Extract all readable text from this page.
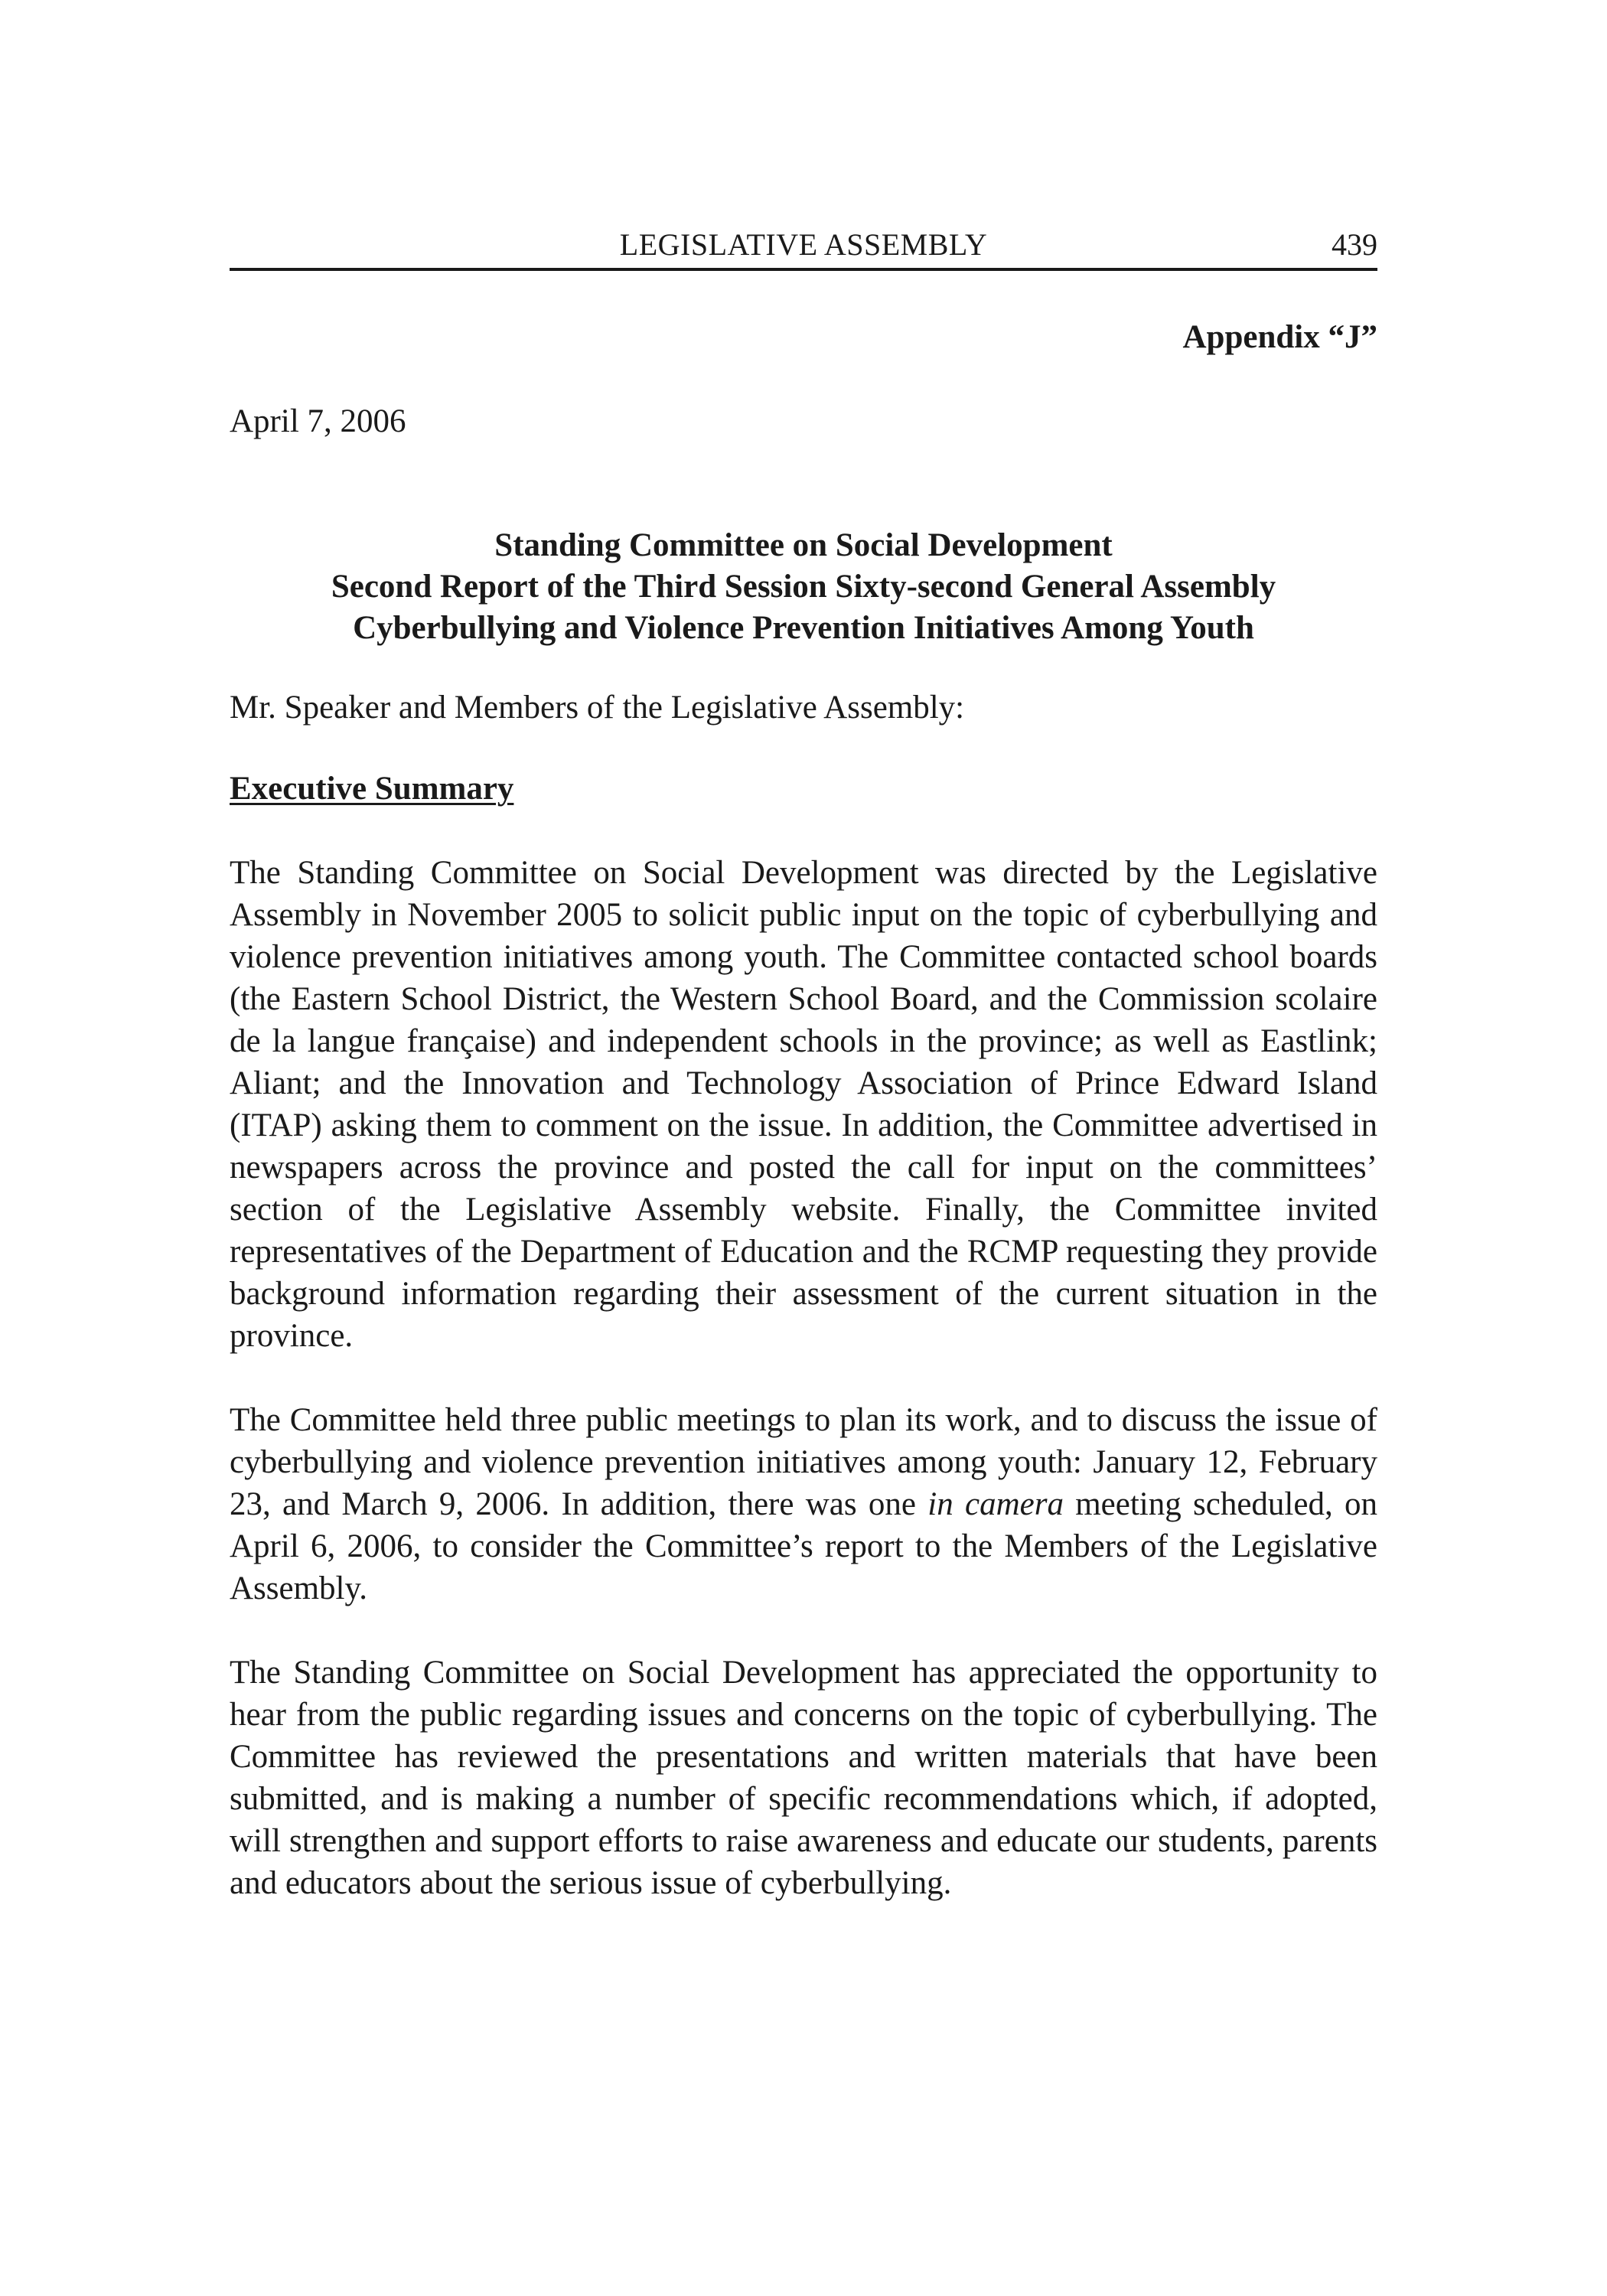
LEGISLATIVE ASSEMBLY	439
Appendix “J”
April 7, 2006
Standing Committee on Social Development
Second Report of the Third Session Sixty-second General Assembly
Cyberbullying and Violence Prevention Initiatives Among Youth
Mr. Speaker and Members of the Legislative Assembly:
Executive Summary

The Standing Committee on Social Development was directed by the Legislative Assembly in November 2005 to solicit public input on the topic of cyberbullying and violence prevention initiatives among youth. The Committee contacted school boards (the Eastern School District, the Western School Board, and the Commission scolaire de la langue française) and independent schools in the province; as well as Eastlink; Aliant; and the Innovation and Technology Association of Prince Edward Island (ITAP) asking them to comment on the issue. In addition, the Committee advertised in newspapers across the province and posted the call for input on the committees’ section of the Legislative Assembly website. Finally, the Committee invited representatives of the Department of Education and the RCMP requesting they provide background information regarding their assessment of the current situation in the province.

The Committee held three public meetings to plan its work, and to discuss the issue of cyberbullying and violence prevention initiatives among youth: January 12, February 23, and March 9, 2006. In addition, there was one in camera meeting scheduled, on April 6, 2006, to consider the Committee’s report to the Members of the Legislative Assembly.

The Standing Committee on Social Development has appreciated the opportunity to hear from the public regarding issues and concerns on the topic of cyberbullying. The Committee has reviewed the presentations and written materials that have been submitted, and is making a number of specific recommendations which, if adopted, will strengthen and support efforts to raise awareness and educate our students, parents and educators about the serious issue of cyberbullying.
